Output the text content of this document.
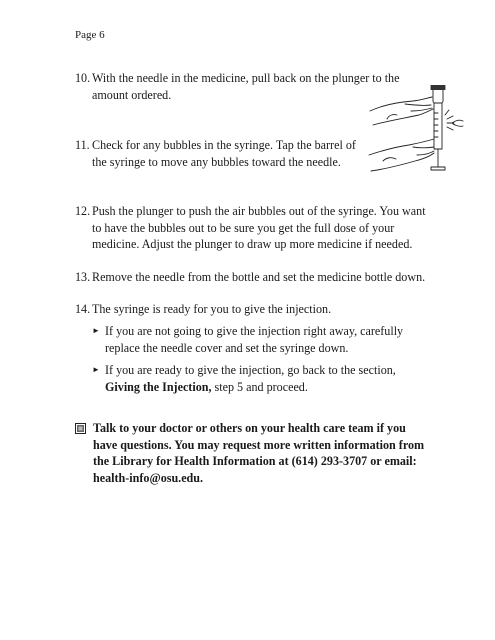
Page 6
10. With the needle in the medicine, pull back on the plunger to the amount ordered.
11. Check for any bubbles in the syringe. Tap the barrel of the syringe to move any bubbles toward the needle.
12. Push the plunger to push the air bubbles out of the syringe. You want to have the bubbles out to be sure you get the full dose of your medicine. Adjust the plunger to draw up more medicine if needed.
13. Remove the needle from the bottle and set the medicine bottle down.
14. The syringe is ready for you to give the injection.
► If you are not going to give the injection right away, carefully replace the needle cover and set the syringe down.
► If you are ready to give the injection, go back to the section, Giving the Injection, step 5 and proceed.
Talk to your doctor or others on your health care team if you have questions. You may request more written information from the Library for Health Information at (614) 293-3707 or email: health-info@osu.edu.
